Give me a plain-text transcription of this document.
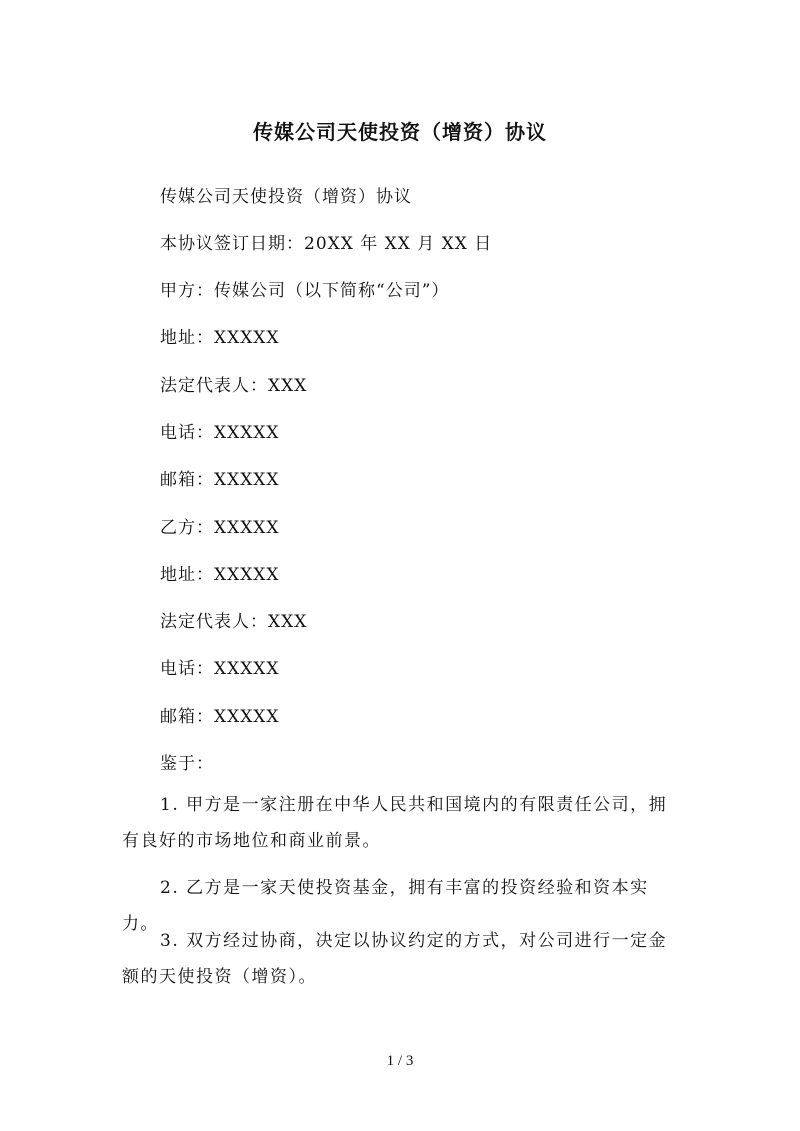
传媒公司天使投资（增资）协议
传媒公司天使投资（增资）协议
本协议签订日期：20XX 年 XX 月 XX 日
甲方：传媒公司（以下简称“公司”）
地址：XXXXX
法定代表人：XXX
电话：XXXXX
邮箱：XXXXX
乙方：XXXXX
地址：XXXXX
法定代表人：XXX
电话：XXXXX
邮箱：XXXXX
鉴于：
1. 甲方是一家注册在中华人民共和国境内的有限责任公司，拥有良好的市场地位和商业前景。
2. 乙方是一家天使投资基金，拥有丰富的投资经验和资本实力。
3. 双方经过协商，决定以协议约定的方式，对公司进行一定金额的天使投资（增资）。
1 / 3
